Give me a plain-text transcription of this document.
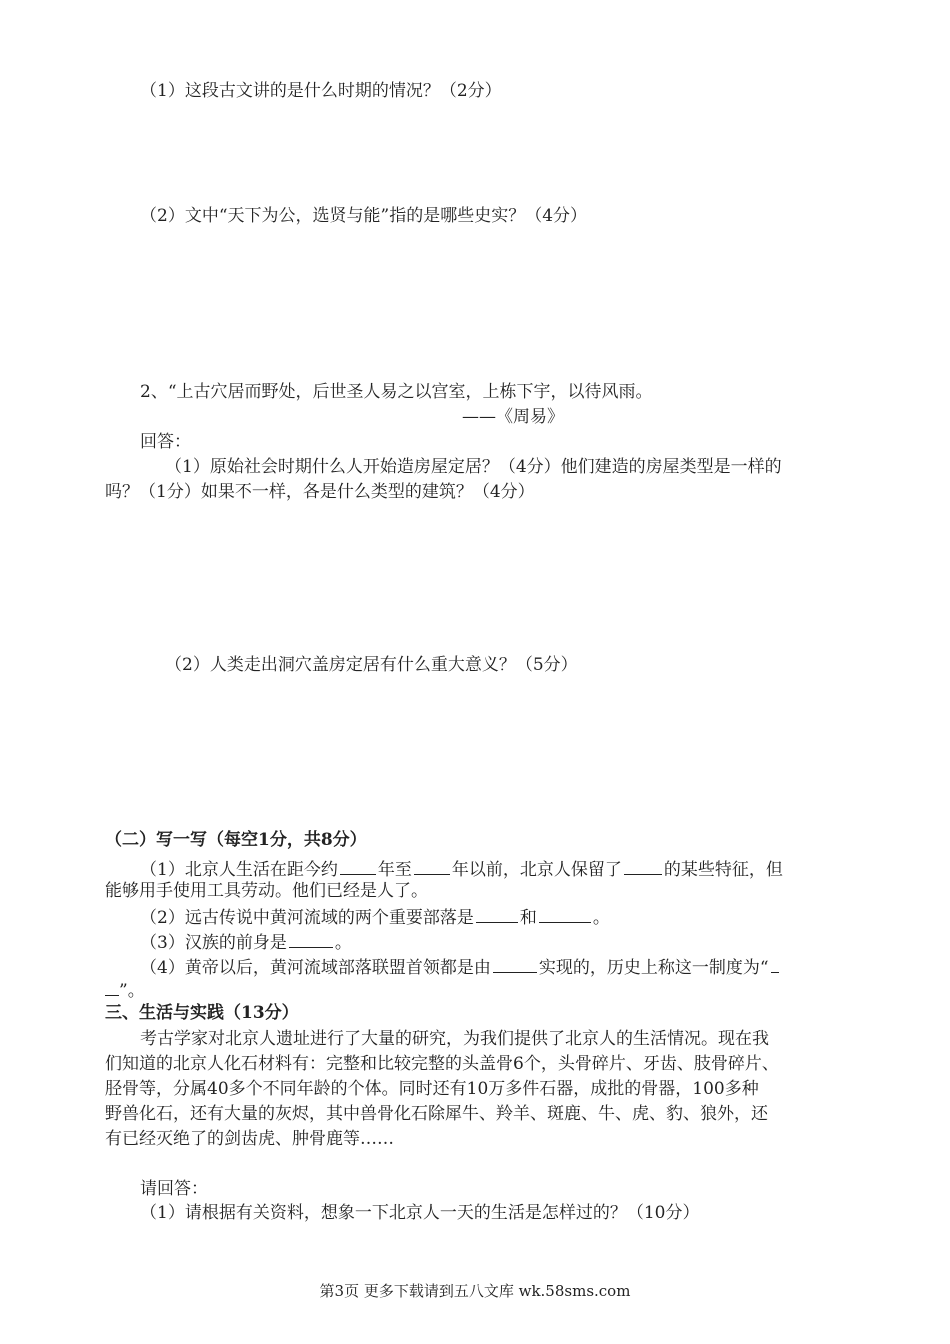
（1）这段古文讲的是什么时期的情况？（2分）
（2）文中“天下为公，选贤与能”指的是哪些史实？（4分）
2、“上古穴居而野处，后世圣人易之以宫室，上栋下宇，以待风雨。
——《周易》
回答：
（1）原始社会时期什么人开始造房屋定居？（4分）他们建造的房屋类型是一样的
吗？（1分）如果不一样，各是什么类型的建筑？（4分）
（2）人类走出洞穴盖房定居有什么重大意义？（5分）
（二）写一写（每空1分，共8分）
（1）北京人生活在距今约 年至 年以前，北京人保留了 的某些特征，但
能够用手使用工具劳动。他们已经是人了。
（2）远古传说中黄河流域的两个重要部落是	和	。
（3）汉族的前身是	。
（4）黄帝以后，黄河流域部落联盟首领都是由	实现的，历史上称这一制度为“
”。
三、生活与实践（13分）
考古学家对北京人遗址进行了大量的研究，为我们提供了北京人的生活情况。现在我
们知道的北京人化石材料有：完整和比较完整的头盖骨6个，头骨碎片、牙齿、肢骨碎片、
胫骨等，分属40多个不同年龄的个体。同时还有10万多件石器，成批的骨器，100多种
野兽化石，还有大量的灰烬，其中兽骨化石除犀牛、羚羊、斑鹿、牛、虎、豹、狼外，还
有已经灭绝了的剑齿虎、肿骨鹿等……
请回答：
（1）请根据有关资料，想象一下北京人一天的生活是怎样过的？（10分）
第3页 更多下载请到五八文库 wk.58sms.com
